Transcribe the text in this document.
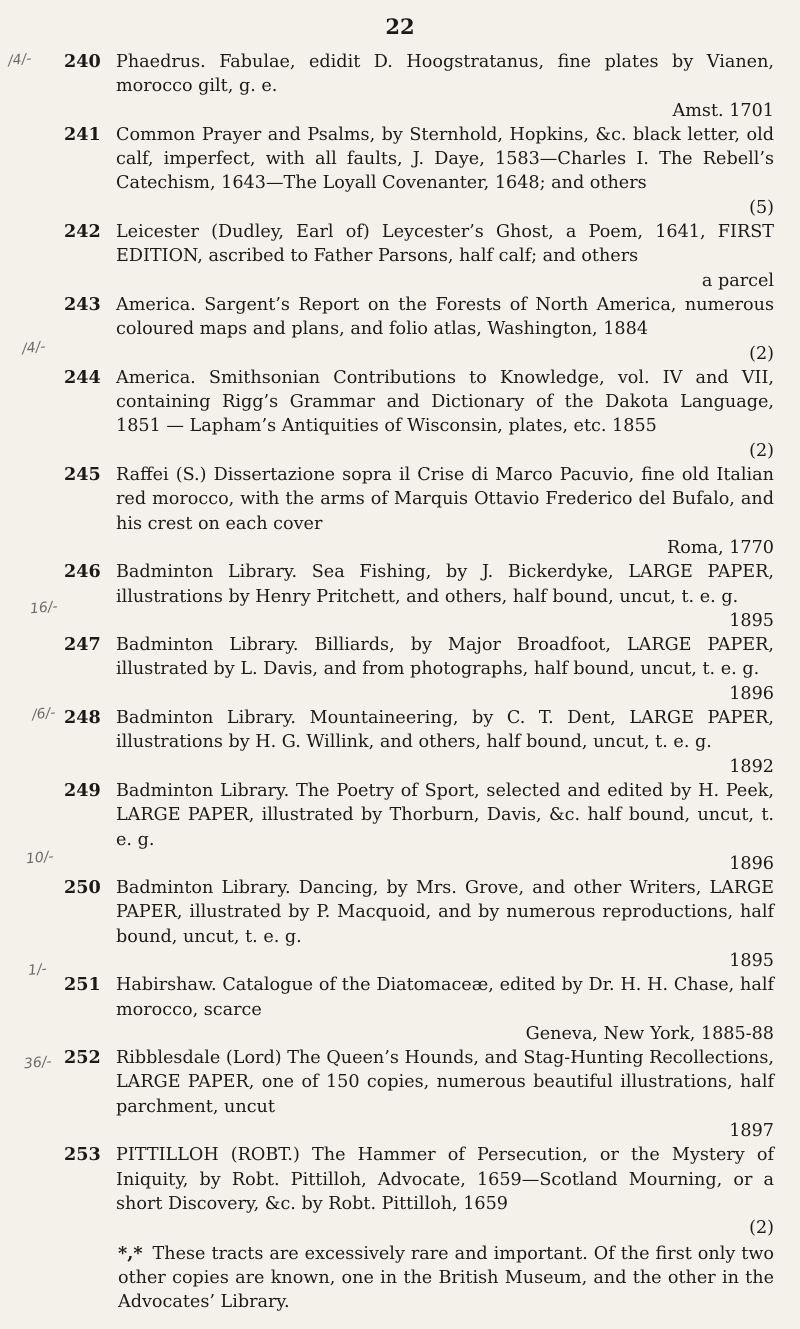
22
240 Phaedrus. Fabulae, edidit D. Hoogstratanus, fine plates by Vianen, morocco gilt, g. e.
Amst. 1701
241 Common Prayer and Psalms, by Sternhold, Hopkins, &c. black letter, old calf, imperfect, with all faults, J. Daye, 1583—Charles I. The Rebell’s Catechism, 1643—The Loyall Covenanter, 1648; and others
(5)
242 Leicester (Dudley, Earl of) Leycester’s Ghost, a Poem, 1641, FIRST EDITION, ascribed to Father Parsons, half calf; and others
a parcel
243 America. Sargent’s Report on the Forests of North America, numerous coloured maps and plans, and folio atlas, Washington, 1884
(2)
244 America. Smithsonian Contributions to Knowledge, vol. IV and VII, containing Rigg’s Grammar and Dictionary of the Dakota Language, 1851 — Lapham’s Antiquities of Wisconsin, plates, etc. 1855
(2)
245 Raffei (S.) Dissertazione sopra il Crise di Marco Pacuvio, fine old Italian red morocco, with the arms of Marquis Ottavio Frederico del Bufalo, and his crest on each cover
Roma, 1770
246 Badminton Library. Sea Fishing, by J. Bickerdyke, LARGE PAPER, illustrations by Henry Pritchett, and others, half bound, uncut, t. e. g.
1895
247 Badminton Library. Billiards, by Major Broadfoot, LARGE PAPER, illustrated by L. Davis, and from photographs, half bound, uncut, t. e. g.
1896
248 Badminton Library. Mountaineering, by C. T. Dent, LARGE PAPER, illustrations by H. G. Willink, and others, half bound, uncut, t. e. g.
1892
249 Badminton Library. The Poetry of Sport, selected and edited by H. Peek, LARGE PAPER, illustrated by Thorburn, Davis, &c. half bound, uncut, t. e. g.
1896
250 Badminton Library. Dancing, by Mrs. Grove, and other Writers, LARGE PAPER, illustrated by P. Macquoid, and by numerous reproductions, half bound, uncut, t. e. g.
1895
251 Habirshaw. Catalogue of the Diatomaceæ, edited by Dr. H. H. Chase, half morocco, scarce
Geneva, New York, 1885-88
252 Ribblesdale (Lord) The Queen’s Hounds, and Stag-Hunting Recollections, LARGE PAPER, one of 150 copies, numerous beautiful illustrations, half parchment, uncut
1897
253 PITTILLOH (ROBT.) The Hammer of Persecution, or the Mystery of Iniquity, by Robt. Pittilloh, Advocate, 1659—Scotland Mourning, or a short Discovery, &c. by Robt. Pittilloh, 1659
(2)
*,* These tracts are excessively rare and important. Of the first only two other copies are known, one in the British Museum, and the other in the Advocates’ Library.
/4/-
/4/-
16/-
/6/-
10/-
1/-
36/-
